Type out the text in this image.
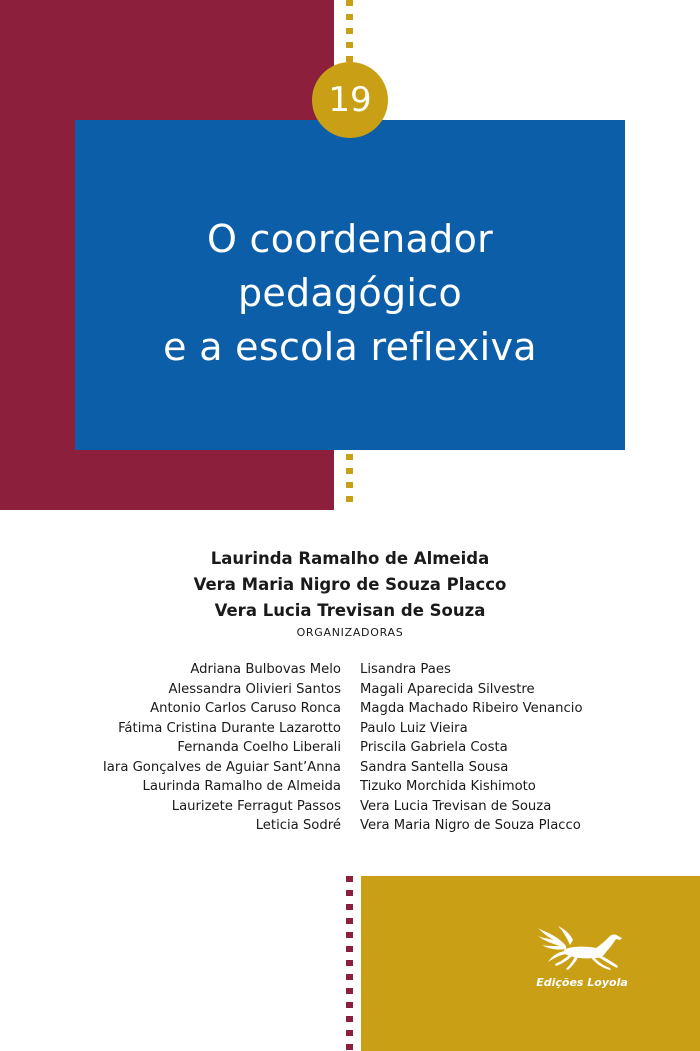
19
O coordenador
pedagógico
e a escola reflexiva
Laurinda Ramalho de Almeida
Vera Maria Nigro de Souza Placco
Vera Lucia Trevisan de Souza
ORGANIZADORAS
Adriana Bulbovas Melo
Alessandra Olivieri Santos
Antonio Carlos Caruso Ronca
Fátima Cristina Durante Lazarotto
Fernanda Coelho Liberali
Iara Gonçalves de Aguiar Sant’Anna
Laurinda Ramalho de Almeida
Laurizete Ferragut Passos
Leticia Sodré
Lisandra Paes
Magali Aparecida Silvestre
Magda Machado Ribeiro Venancio
Paulo Luiz Vieira
Priscila Gabriela Costa
Sandra Santella Sousa
Tizuko Morchida Kishimoto
Vera Lucia Trevisan de Souza
Vera Maria Nigro de Souza Placco
Edições Loyola
